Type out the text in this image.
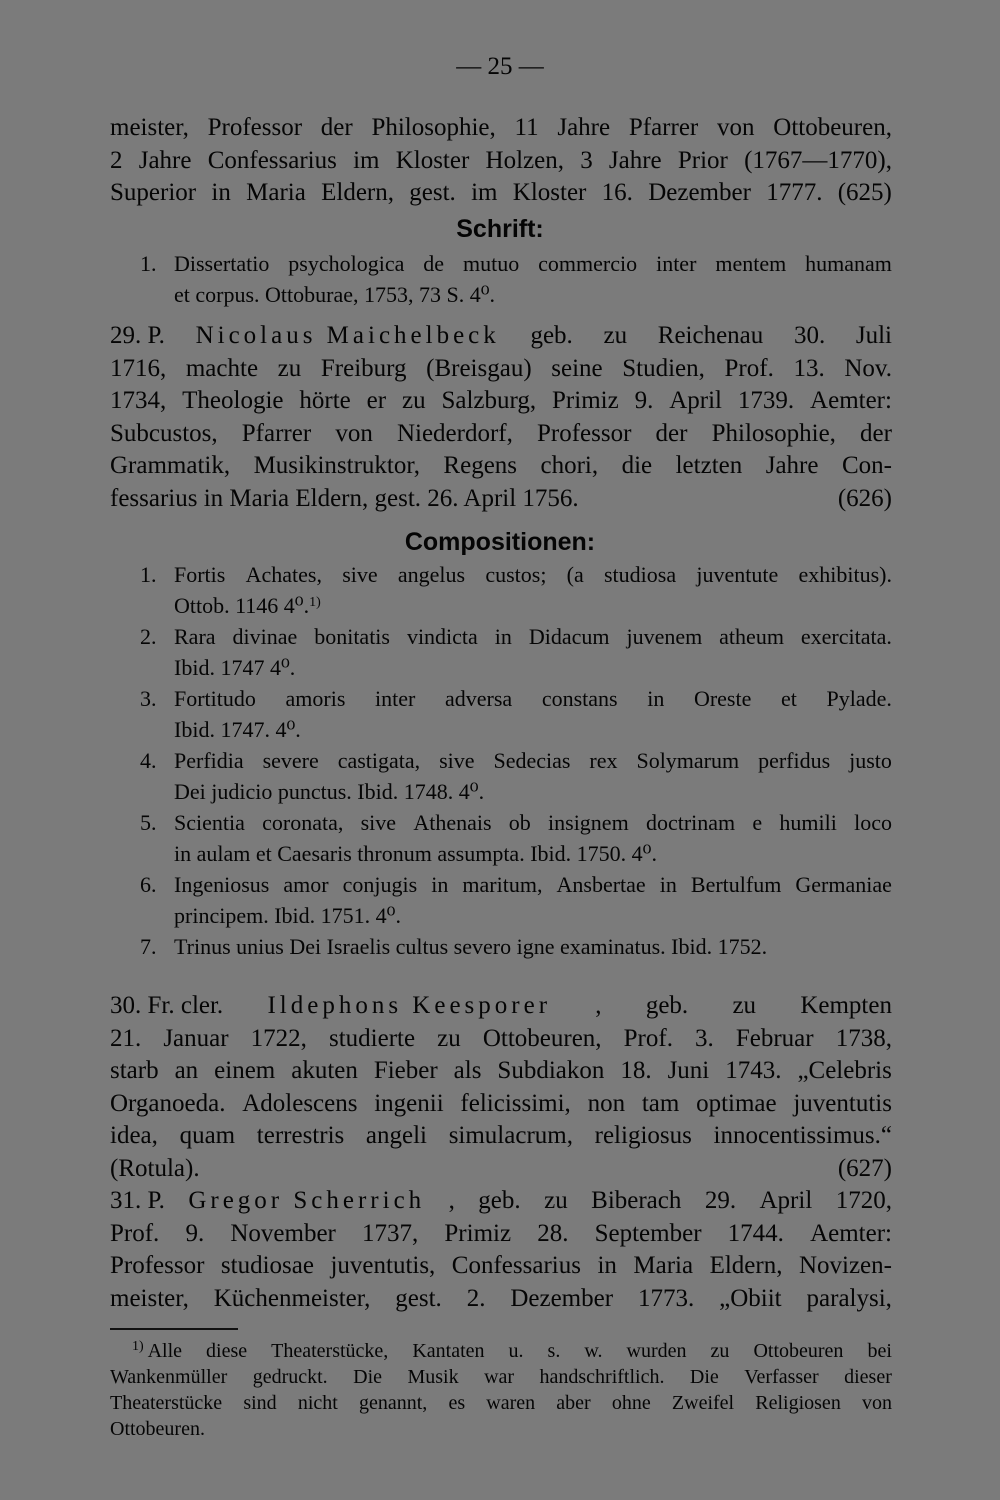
— 25 —
meister, Professor der Philosophie, 11 Jahre Pfarrer von Ottobeuren,
2 Jahre Confessarius im Kloster Holzen, 3 Jahre Prior (1767—1770),
Superior in Maria Eldern, gest. im Kloster 16. Dezember 1777. (625)
Schrift:
1. Dissertatio psychologica de mutuo commercio inter mentem humanam
et corpus. Ottoburae, 1753, 73 S. 4⁰.
29. P. Nicolaus Maichelbeck geb. zu Reichenau 30. Juli
1716, machte zu Freiburg (Breisgau) seine Studien, Prof. 13. Nov.
1734, Theologie hörte er zu Salzburg, Primiz 9. April 1739. Aemter:
Subcustos, Pfarrer von Niederdorf, Professor der Philosophie, der
Grammatik, Musikinstruktor, Regens chori, die letzten Jahre Con-
fessarius in Maria Eldern, gest. 26. April 1756.	(626)
Compositionen:
1. Fortis Achates, sive angelus custos; (a studiosa juventute exhibitus).
Ottob. 1146 4⁰.$^{1)}$
2. Rara divinae bonitatis vindicta in Didacum juvenem atheum exercitata.
Ibid. 1747 4⁰.
3. Fortitudo amoris inter adversa constans in Oreste et Pylade.
Ibid. 1747. 4⁰.
4. Perfidia severe castigata, sive Sedecias rex Solymarum perfidus justo
Dei judicio punctus. Ibid. 1748. 4⁰.
5. Scientia coronata, sive Athenais ob insignem doctrinam e humili loco
in aulam et Caesaris thronum assumpta. Ibid. 1750. 4⁰.
6. Ingeniosus amor conjugis in maritum, Ansbertae in Bertulfum Germaniae
principem. Ibid. 1751. 4⁰.
7. Trinus unius Dei Israelis cultus severo igne examinatus. Ibid. 1752.
30. Fr. cler. Ildephons Keesporer , geb. zu Kempten
21. Januar 1722, studierte zu Ottobeuren, Prof. 3. Februar 1738,
starb an einem akuten Fieber als Subdiakon 18. Juni 1743. „Celebris
Organoeda. Adolescens ingenii felicissimi, non tam optimae juventutis
idea, quam terrestris angeli simulacrum, religiosus innocentissimus.“
(Rotula).	(627)
31. P. Gregor Scherrich , geb. zu Biberach 29. April 1720,
Prof. 9. November 1737, Primiz 28. September 1744. Aemter:
Professor studiosae juventutis, Confessarius in Maria Eldern, Novizen-
meister, Küchenmeister, gest. 2. Dezember 1773. „Obiit paralysi,
$^{1)}$ Alle diese Theaterstücke, Kantaten u. s. w. wurden zu Ottobeuren bei
Wankenmüller gedruckt. Die Musik war handschriftlich. Die Verfasser dieser
Theaterstücke sind nicht genannt, es waren aber ohne Zweifel Religiosen von
Ottobeuren.
